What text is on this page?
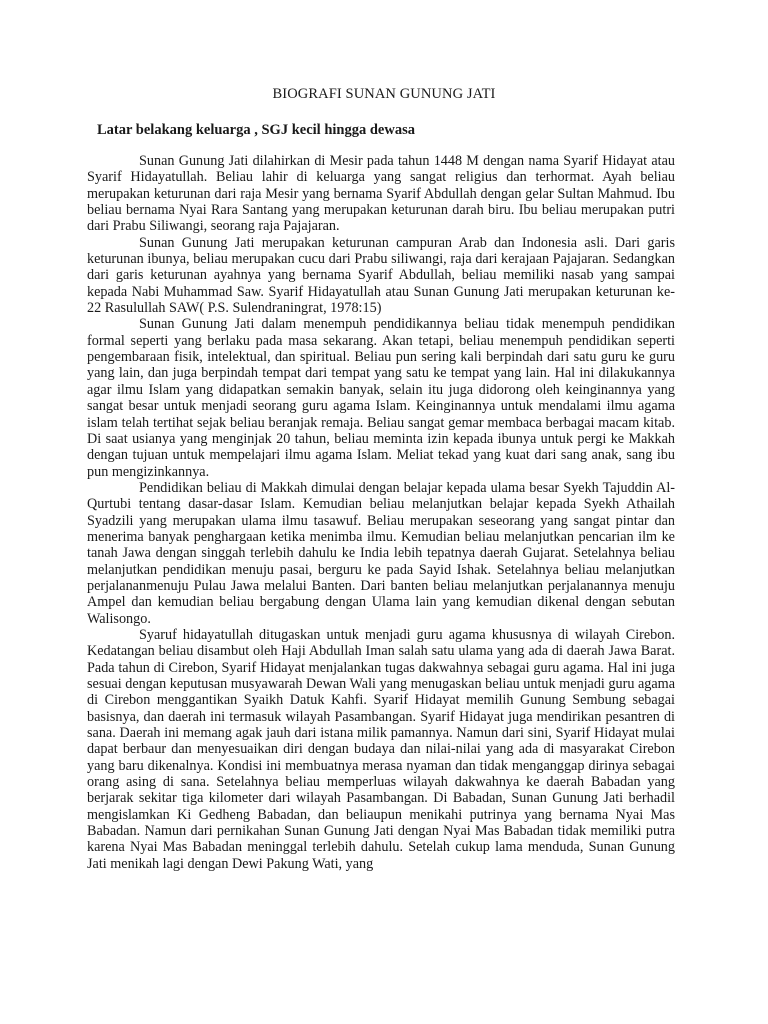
BIOGRAFI SUNAN GUNUNG JATI
Latar belakang keluarga , SGJ kecil hingga dewasa

Sunan Gunung Jati dilahirkan di Mesir pada tahun 1448 M dengan nama Syarif Hidayat atau Syarif Hidayatullah. Beliau lahir di keluarga yang sangat religius dan terhormat. Ayah beliau merupakan keturunan dari raja Mesir yang bernama Syarif Abdullah dengan gelar Sultan Mahmud. Ibu beliau bernama Nyai Rara Santang yang merupakan keturunan darah biru. Ibu beliau merupakan putri dari Prabu Siliwangi, seorang raja Pajajaran.

Sunan Gunung Jati merupakan keturunan campuran Arab dan Indonesia asli. Dari garis keturunan ibunya, beliau merupakan cucu dari Prabu siliwangi, raja dari kerajaan Pajajaran. Sedangkan dari garis keturunan ayahnya yang bernama Syarif Abdullah, beliau memiliki nasab yang sampai kepada Nabi Muhammad Saw. Syarif Hidayatullah atau Sunan Gunung Jati merupakan keturunan ke-22 Rasulullah SAW( P.S. Sulendraningrat, 1978:15)

Sunan Gunung Jati dalam menempuh pendidikannya beliau tidak menempuh pendidikan formal seperti yang berlaku pada masa sekarang. Akan tetapi, beliau menempuh pendidikan seperti pengembaraan fisik, intelektual, dan spiritual. Beliau pun sering kali berpindah dari satu guru ke guru yang lain, dan juga berpindah tempat dari tempat yang satu ke tempat yang lain. Hal ini dilakukannya agar ilmu Islam yang didapatkan semakin banyak, selain itu juga didorong oleh keinginannya yang sangat besar untuk menjadi seorang guru agama Islam. Keinginannya untuk mendalami ilmu agama islam telah tertihat sejak beliau beranjak remaja. Beliau sangat gemar membaca berbagai macam kitab. Di saat usianya yang menginjak 20 tahun, beliau meminta izin kepada ibunya untuk pergi ke Makkah dengan tujuan untuk mempelajari ilmu agama Islam. Meliat tekad yang kuat dari sang anak, sang ibu pun mengizinkannya.

Pendidikan beliau di Makkah dimulai dengan belajar kepada ulama besar Syekh Tajuddin Al-Qurtubi tentang dasar-dasar Islam. Kemudian beliau melanjutkan belajar kepada Syekh Athailah Syadzili yang merupakan ulama ilmu tasawuf. Beliau merupakan seseorang yang sangat pintar dan menerima banyak penghargaan ketika menimba ilmu. Kemudian beliau melanjutkan pencarian ilm ke tanah Jawa dengan singgah terlebih dahulu ke India lebih tepatnya daerah Gujarat. Setelahnya beliau melanjutkan pendidikan menuju pasai, berguru ke pada Sayid Ishak. Setelahnya beliau melanjutkan perjalananmenuju Pulau Jawa melalui Banten. Dari banten beliau melanjutkan perjalanannya menuju Ampel dan kemudian beliau bergabung dengan Ulama lain yang kemudian dikenal dengan sebutan Walisongo.

Syaruf hidayatullah ditugaskan untuk menjadi guru agama khususnya di wilayah Cirebon. Kedatangan beliau disambut oleh Haji Abdullah Iman salah satu ulama yang ada di daerah Jawa Barat. Pada tahun di Cirebon, Syarif Hidayat menjalankan tugas dakwahnya sebagai guru agama. Hal ini juga sesuai dengan keputusan musyawarah Dewan Wali yang menugaskan beliau untuk menjadi guru agama di Cirebon menggantikan Syaikh Datuk Kahfi. Syarif Hidayat memilih Gunung Sembung sebagai basisnya, dan daerah ini termasuk wilayah Pasambangan. Syarif Hidayat juga mendirikan pesantren di sana. Daerah ini memang agak jauh dari istana milik pamannya. Namun dari sini, Syarif Hidayat mulai dapat berbaur dan menyesuaikan diri dengan budaya dan nilai-nilai yang ada di masyarakat Cirebon yang baru dikenalnya. Kondisi ini membuatnya merasa nyaman dan tidak menganggap dirinya sebagai orang asing di sana. Setelahnya beliau memperluas wilayah dakwahnya ke daerah Babadan yang berjarak sekitar tiga kilometer dari wilayah Pasambangan. Di Babadan, Sunan Gunung Jati berhadil mengislamkan Ki Gedheng Babadan, dan beliaupun menikahi putrinya yang bernama Nyai Mas Babadan. Namun dari pernikahan Sunan Gunung Jati dengan Nyai Mas Babadan tidak memiliki putra karena Nyai Mas Babadan meninggal terlebih dahulu. Setelah cukup lama menduda, Sunan Gunung Jati menikah lagi dengan Dewi Pakung Wati, yang
